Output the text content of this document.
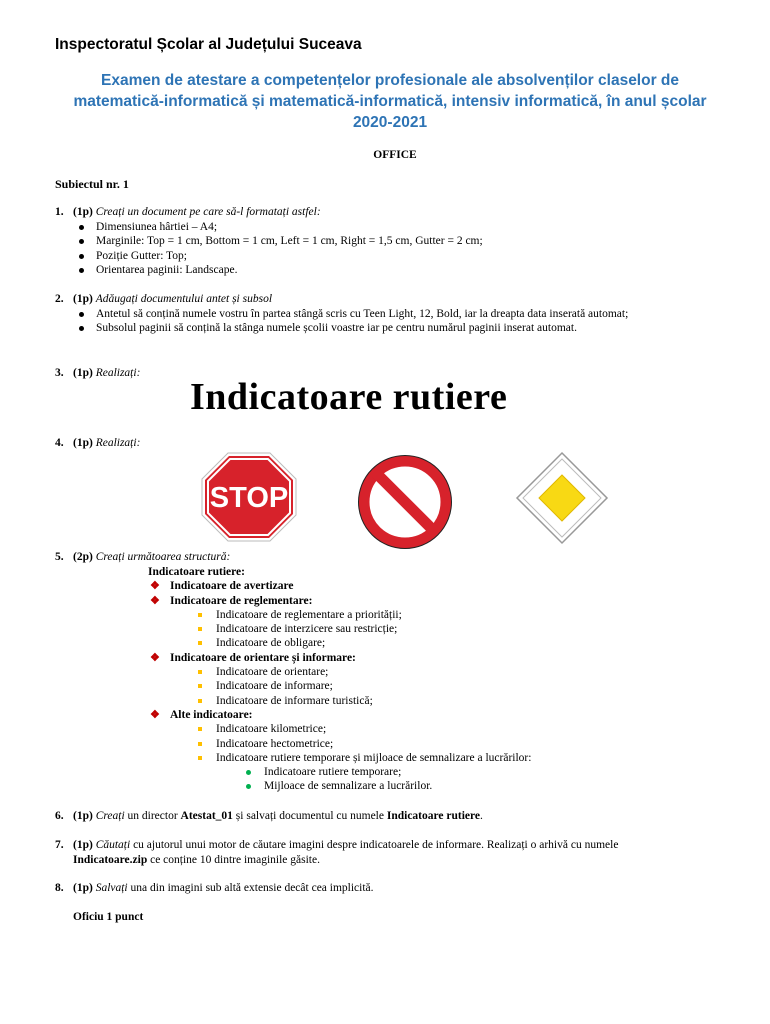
Inspectoratul Școlar al Județului Suceava
Examen de atestare a competențelor profesionale ale absolvenților claselor de
matematică-informatică și matematică-informatică, intensiv informatică, în anul școlar
2020-2021
OFFICE
Subiectul nr. 1
1. (1p) Creați un document pe care să-l formatați astfel:
Dimensiunea hârtiei – A4;
Marginile: Top = 1 cm, Bottom = 1 cm, Left = 1 cm, Right = 1,5 cm, Gutter = 2 cm;
Poziție Gutter: Top;
Orientarea paginii: Landscape.
2. (1p) Adăugați documentului antet și subsol
Antetul să conțină numele vostru în partea stângă scris cu Teen Light, 12, Bold, iar la dreapta data inserată automat;
Subsolul paginii să conțină la stânga numele școlii voastre iar pe centru numărul paginii inserat automat.
3. (1p) Realizați:
Indicatoare rutiere
4. (1p) Realizați:
STOP
5. (2p) Creați următoarea structură:
Indicatoare rutiere:
❖ Indicatoare de avertizare
❖ Indicatoare de reglementare:
Indicatoare de reglementare a priorității;
Indicatoare de interzicere sau restricție;
Indicatoare de obligare;
❖ Indicatoare de orientare și informare:
Indicatoare de orientare;
Indicatoare de informare;
Indicatoare de informare turistică;
❖ Alte indicatoare:
Indicatoare kilometrice;
Indicatoare hectometrice;
Indicatoare rutiere temporare și mijloace de semnalizare a lucrărilor:
Indicatoare rutiere temporare;
Mijloace de semnalizare a lucrărilor.
6. (1p) Creați un director Atestat_01 și salvați documentul cu numele Indicatoare rutiere.
7. (1p) Căutați cu ajutorul unui motor de căutare imagini despre indicatoarele de informare. Realizați o arhivă cu numele
Indicatoare.zip ce conține 10 dintre imaginile găsite.
8. (1p) Salvați una din imagini sub altă extensie decât cea implicită.
Oficiu 1 punct
